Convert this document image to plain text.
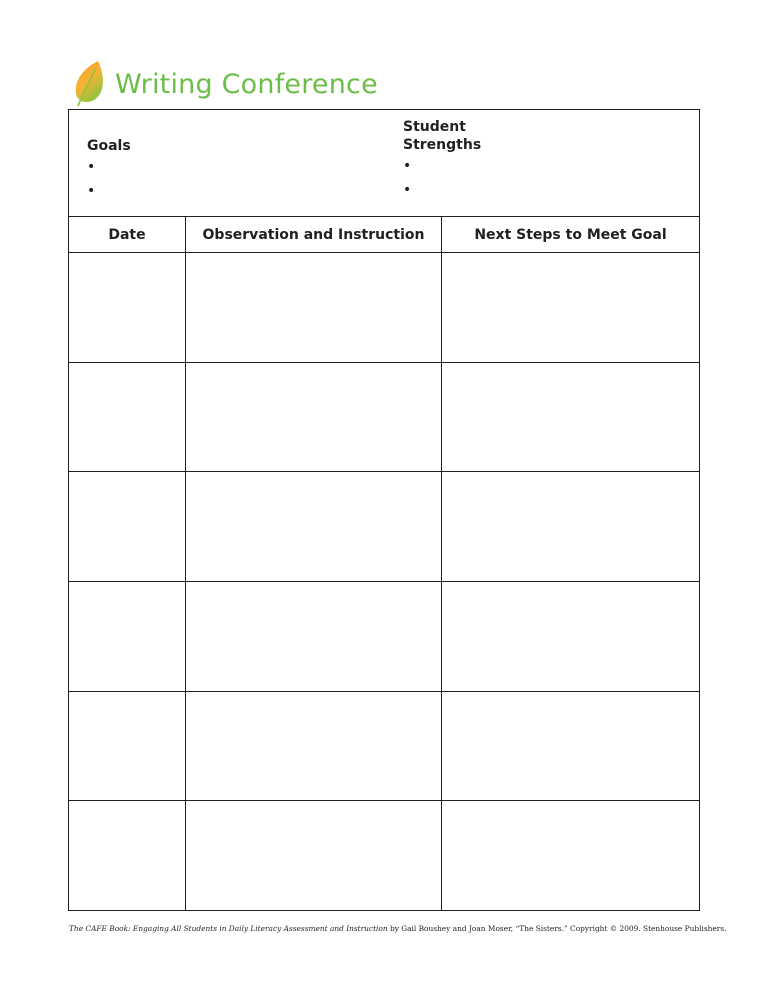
Writing Conference
Goals
•
•
Student Strengths
•
•
Date	Observation and Instruction	Next Steps to Meet Goal
The CAFE Book: Engaging All Students in Daily Literacy Assessment and Instruction by Gail Boushey and Joan Moser, “The Sisters.” Copyright © 2009. Stenhouse Publishers.
